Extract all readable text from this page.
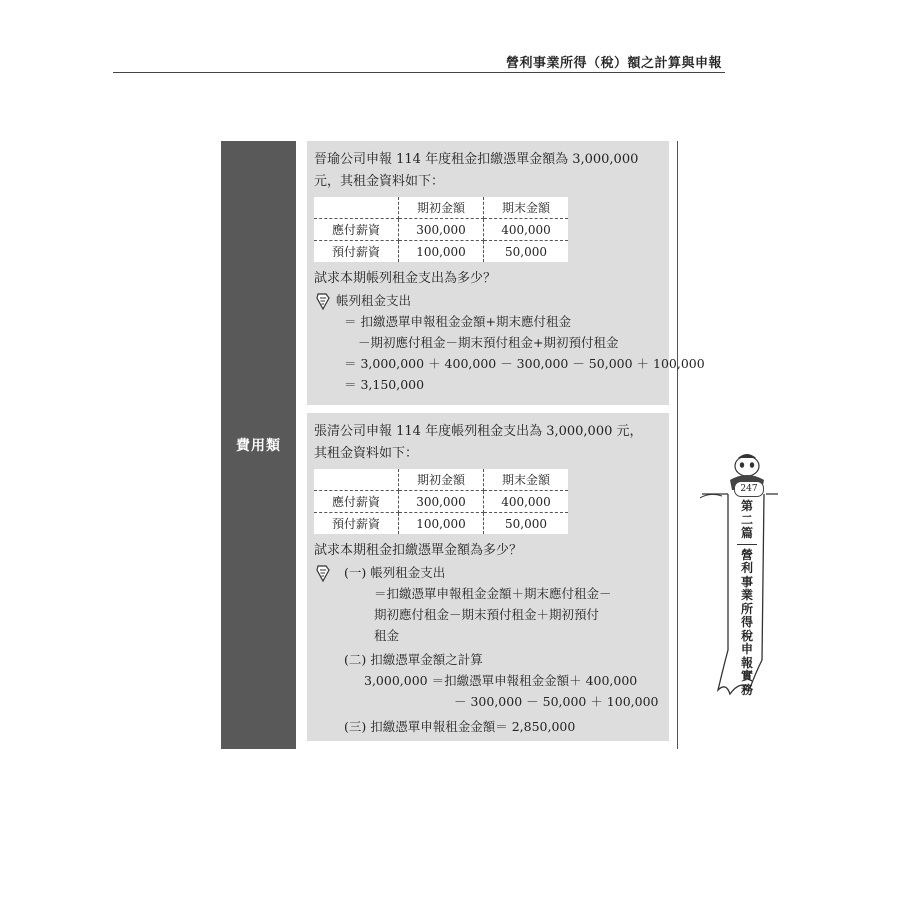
營利事業所得（稅）額之計算與申報
費用類
晉瑜公司申報 114 年度租金扣繳憑單金額為 3,000,000
元，其租金資料如下：
	期初金額	期末金額
應付薪資	300,000	400,000
預付薪資	100,000	50,000
試求本期帳列租金支出為多少？
帳列租金支出
＝ 扣繳憑單申報租金金額+期末應付租金
－期初應付租金－期末預付租金+期初預付租金
＝ 3,000,000 ＋ 400,000 － 300,000 － 50,000 ＋ 100,000
＝ 3,150,000
張清公司申報 114 年度帳列租金支出為 3,000,000 元，
其租金資料如下：
	期初金額	期末金額
應付薪資	300,000	400,000
預付薪資	100,000	50,000
試求本期租金扣繳憑單金額為多少？
(一) 帳列租金支出
＝扣繳憑單申報租金金額＋期末應付租金－
期初應付租金－期末預付租金＋期初預付
租金
(二) 扣繳憑單金額之計算
3,000,000 ＝扣繳憑單申報租金金額＋ 400,000
－ 300,000 － 50,000 ＋ 100,000
(三) 扣繳憑單申報租金金額＝ 2,850,000
247
第二篇
營利事業所得稅申報實務
